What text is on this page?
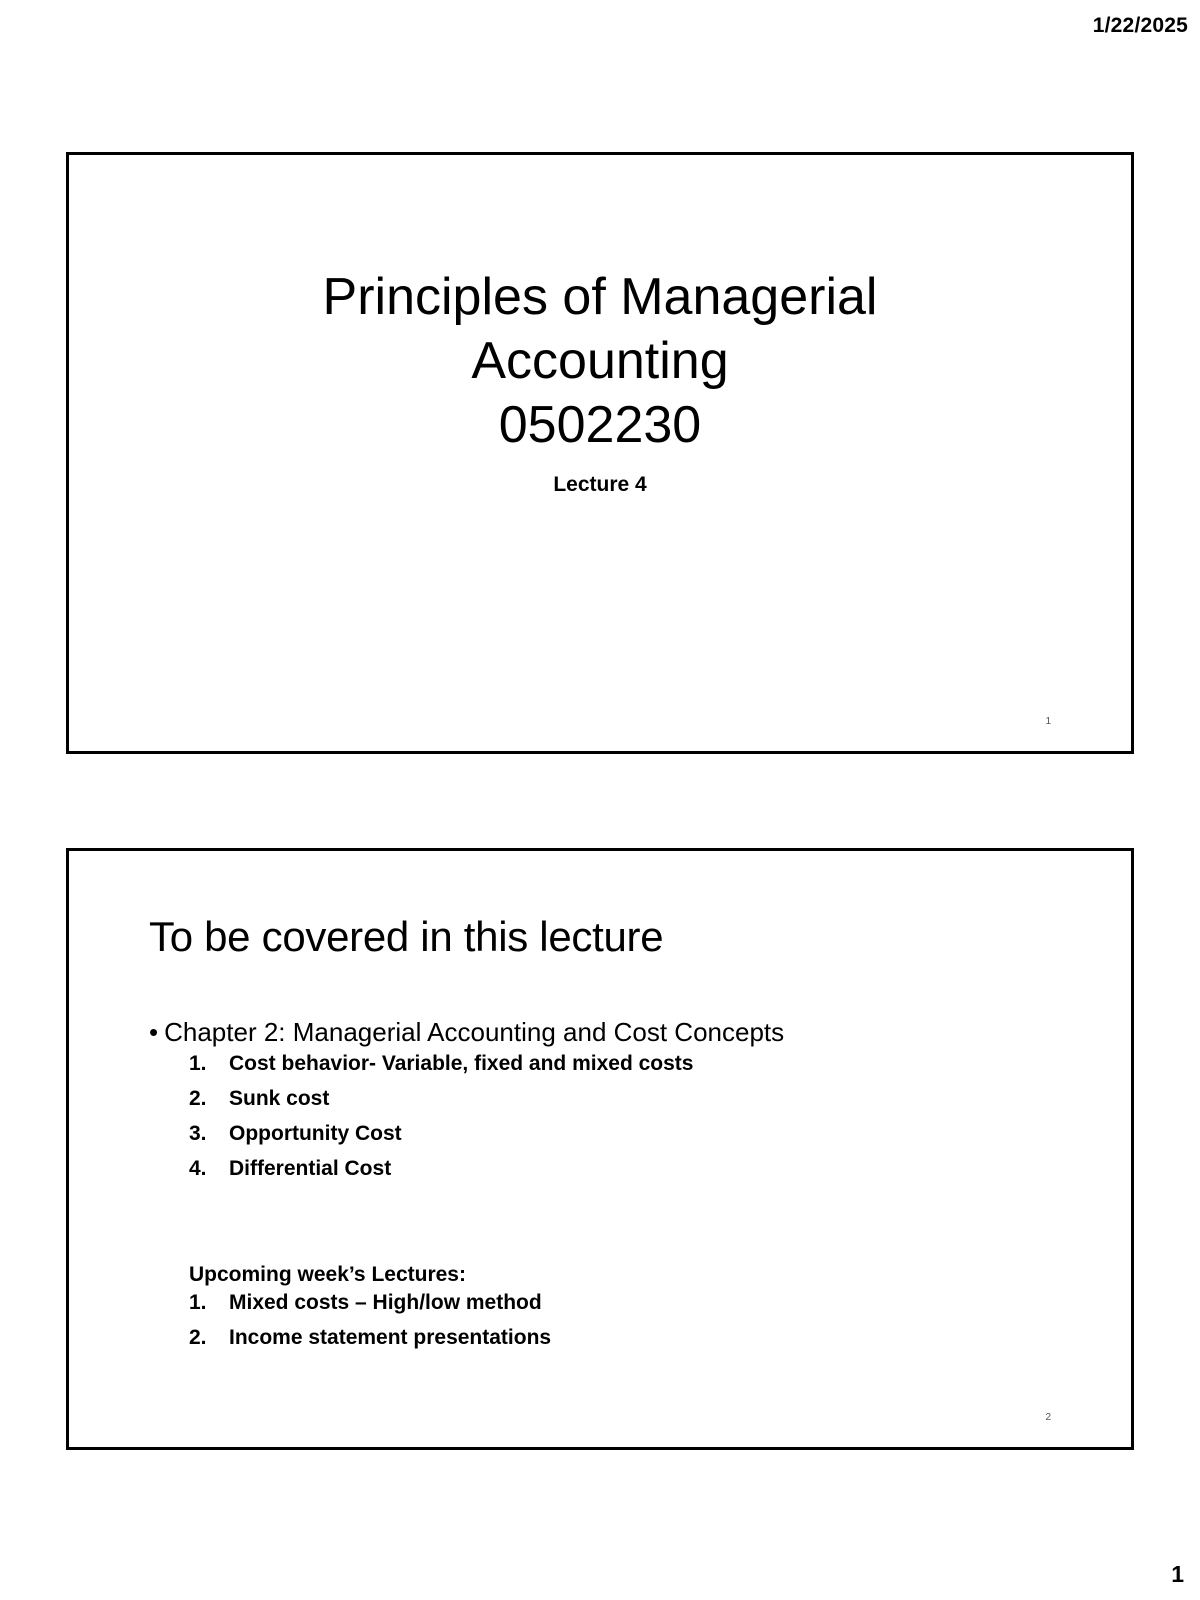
1/22/2025
Principles of Managerial
Accounting
0502230
Lecture 4
1
To be covered in this lecture
• Chapter 2: Managerial Accounting and Cost Concepts
1. Cost behavior- Variable, fixed and mixed costs
2. Sunk cost
3. Opportunity Cost
4. Differential Cost
Upcoming week’s Lectures:
1. Mixed costs – High/low method
2. Income statement presentations
2
1
